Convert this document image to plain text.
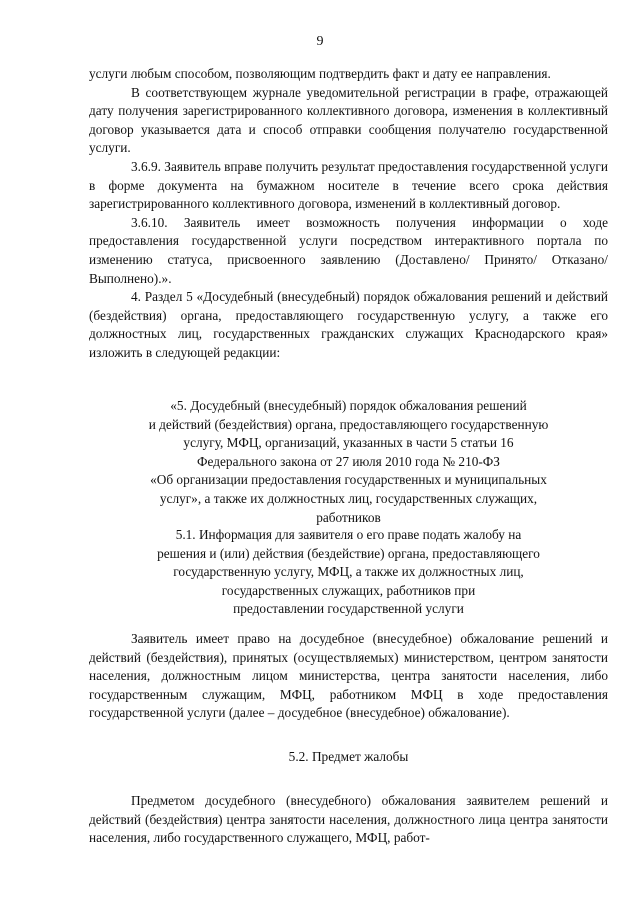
9

услуги любым способом, позволяющим подтвердить факт и дату ее направления.

В соответствующем журнале уведомительной регистрации в графе, отражающей дату получения зарегистрированного коллективного договора, изменения в коллективный договор указывается дата и способ отправки сообщения получателю государственной услуги.

3.6.9. Заявитель вправе получить результат предоставления государственной услуги в форме документа на бумажном носителе в течение всего срока действия зарегистрированного коллективного договора, изменений в коллективный договор.

3.6.10. Заявитель имеет возможность получения информации о ходе предоставления государственной услуги посредством интерактивного портала по изменению статуса, присвоенного заявлению (Доставлено/ Принято/ Отказано/ Выполнено).».

4. Раздел 5 «Досудебный (внесудебный) порядок обжалования решений и действий (бездействия) органа, предоставляющего государственную услугу, а также его должностных лиц, государственных гражданских служащих Краснодарского края» изложить в следующей редакции:

«5. Досудебный (внесудебный) порядок обжалования решений

и действий (бездействия) органа, предоставляющего государственную

услугу, МФЦ, организаций, указанных в части 5 статьи 16

Федерального закона от 27 июля 2010 года № 210-ФЗ

«Об организации предоставления государственных и муниципальных

услуг», а также их должностных лиц, государственных служащих,

работников

5.1. Информация для заявителя о его праве подать жалобу на

решения и (или) действия (бездействие) органа, предоставляющего

государственную услугу, МФЦ, а также их должностных лиц,

государственных служащих, работников при

предоставлении государственной услуги

Заявитель имеет право на досудебное (внесудебное) обжалование решений и действий (бездействия), принятых (осуществляемых) министерством, центром занятости населения, должностным лицом министерства, центра занятости населения, либо государственным служащим, МФЦ, работником МФЦ в ходе предоставления государственной услуги (далее – досудебное (внесудебное) обжалование).

5.2. Предмет жалобы

Предметом досудебного (внесудебного) обжалования заявителем решений и действий (бездействия) центра занятости населения, должностного лица центра занятости населения, либо государственного служащего, МФЦ, работ-
